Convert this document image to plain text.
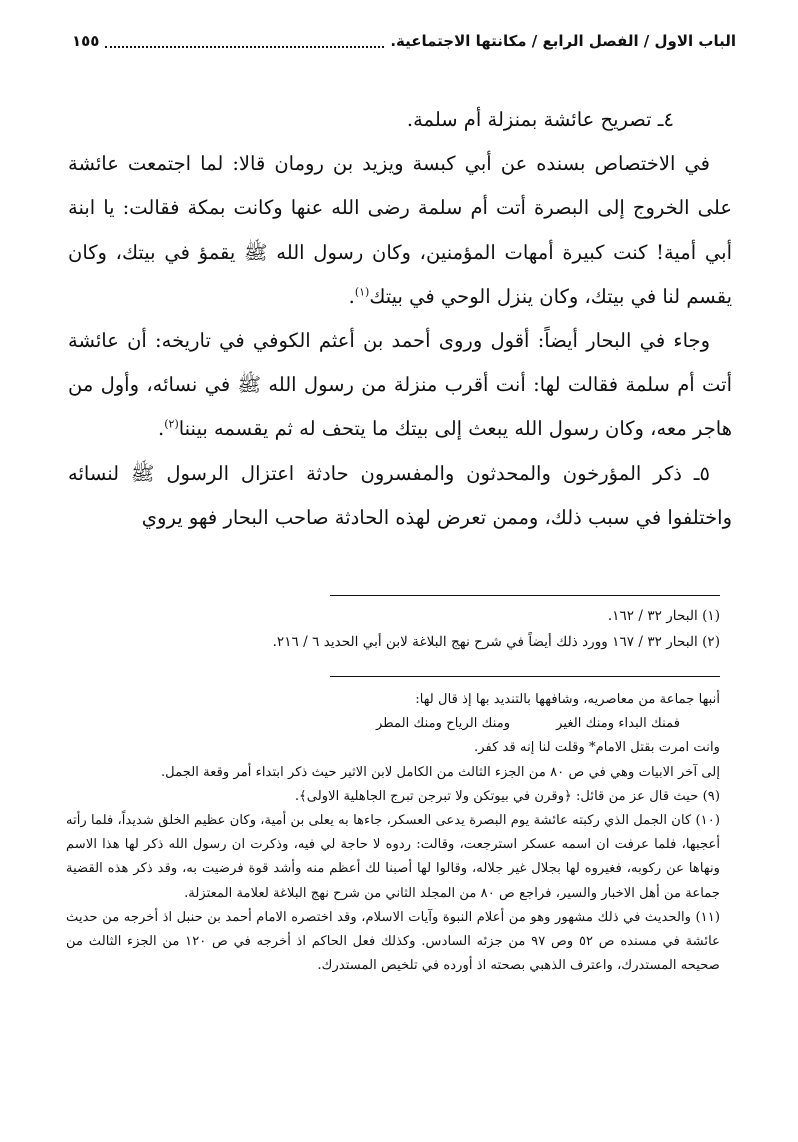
الباب الاول / الفصل الرابع / مكانتها الاجتماعية.
١٥٥

٤ـ تصريح عائشة بمنزلة أم سلمة.

في الاختصاص بسنده عن أبي كبسة ويزيد بن رومان قالا: لما اجتمعت عائشة على الخروج إلى البصرة أتت أم سلمة رضى الله عنها وكانت بمكة فقالت: يا ابنة أبي أمية! كنت كبيرة أمهات المؤمنين، وكان رسول الله ﷺ يقمؤ في بيتك، وكان يقسم لنا في بيتك، وكان ينزل الوحي في بيتك$^{(١)}$.

وجاء في البحار أيضاً: أقول وروى أحمد بن أعثم الكوفي في تاريخه: أن عائشة أتت أم سلمة فقالت لها: أنت أقرب منزلة من رسول الله ﷺ في نسائه، وأول من هاجر معه، وكان رسول الله يبعث إلى بيتك ما يتحف له ثم يقسمه بيننا$^{(٢)}$.

٥ـ ذكر المؤرخون والمحدثون والمفسرون حادثة اعتزال الرسول ﷺ لنسائه واختلفوا في سبب ذلك، وممن تعرض لهذه الحادثة صاحب البحار فهو يروي

(١) البحار ٣٢ / ١٦٢.

(٢) البحار ٣٢ / ١٦٧ وورد ذلك أيضاً في شرح نهج البلاغة لابن أبي الحديد ٦ / ٢١٦.

أنبها جماعة من معاصريه، وشافهها بالتنديد بها إذ قال لها:

فمنك البداء ومنك الغير
ومنك الرياح ومنك المطر

وانت امرت بقتل الامام* وقلت لنا إنه قد كفر.

إلى آخر الابيات وهي في ص ٨٠ من الجزء الثالث من الكامل لابن الاثير حيث ذكر ابتداء أمر وقعة الجمل.

(٩) حيث قال عز من قائل: ﴿وقرن في بيوتكن ولا تبرجن تبرج الجاهلية الاولى﴾.

(١٠) كان الجمل الذي ركبته عائشة يوم البصرة يدعى العسكر، جاءها به يعلى بن أمية، وكان عظيم الخلق شديداً، فلما رأته أعجبها، فلما عرفت ان اسمه عسكر استرجعت، وقالت: ردوه لا حاجة لي فيه، وذكرت ان رسول الله ذكر لها هذا الاسم ونهاها عن ركوبه، فغيروه لها بجلال غير جلاله، وقالوا لها أصبنا لك أعظم منه وأشد قوة فرضيت به، وقد ذكر هذه القضية جماعة من أهل الاخبار والسير، فراجع ص ٨٠ من المجلد الثاني من شرح نهج البلاغة لعلامة المعتزلة.

(١١) والحديث في ذلك مشهور وهو من أعلام النبوة وآيات الاسلام، وقد اختصره الامام أحمد بن حنبل اذ أخرجه من حديث عائشة في مسنده ص ٥٢ وص ٩٧ من جزئه السادس. وكذلك فعل الحاكم اذ أخرجه في ص ١٢٠ من الجزء الثالث من صحيحه المستدرك، واعترف الذهبي بصحته اذ أورده في تلخيص المستدرك.
